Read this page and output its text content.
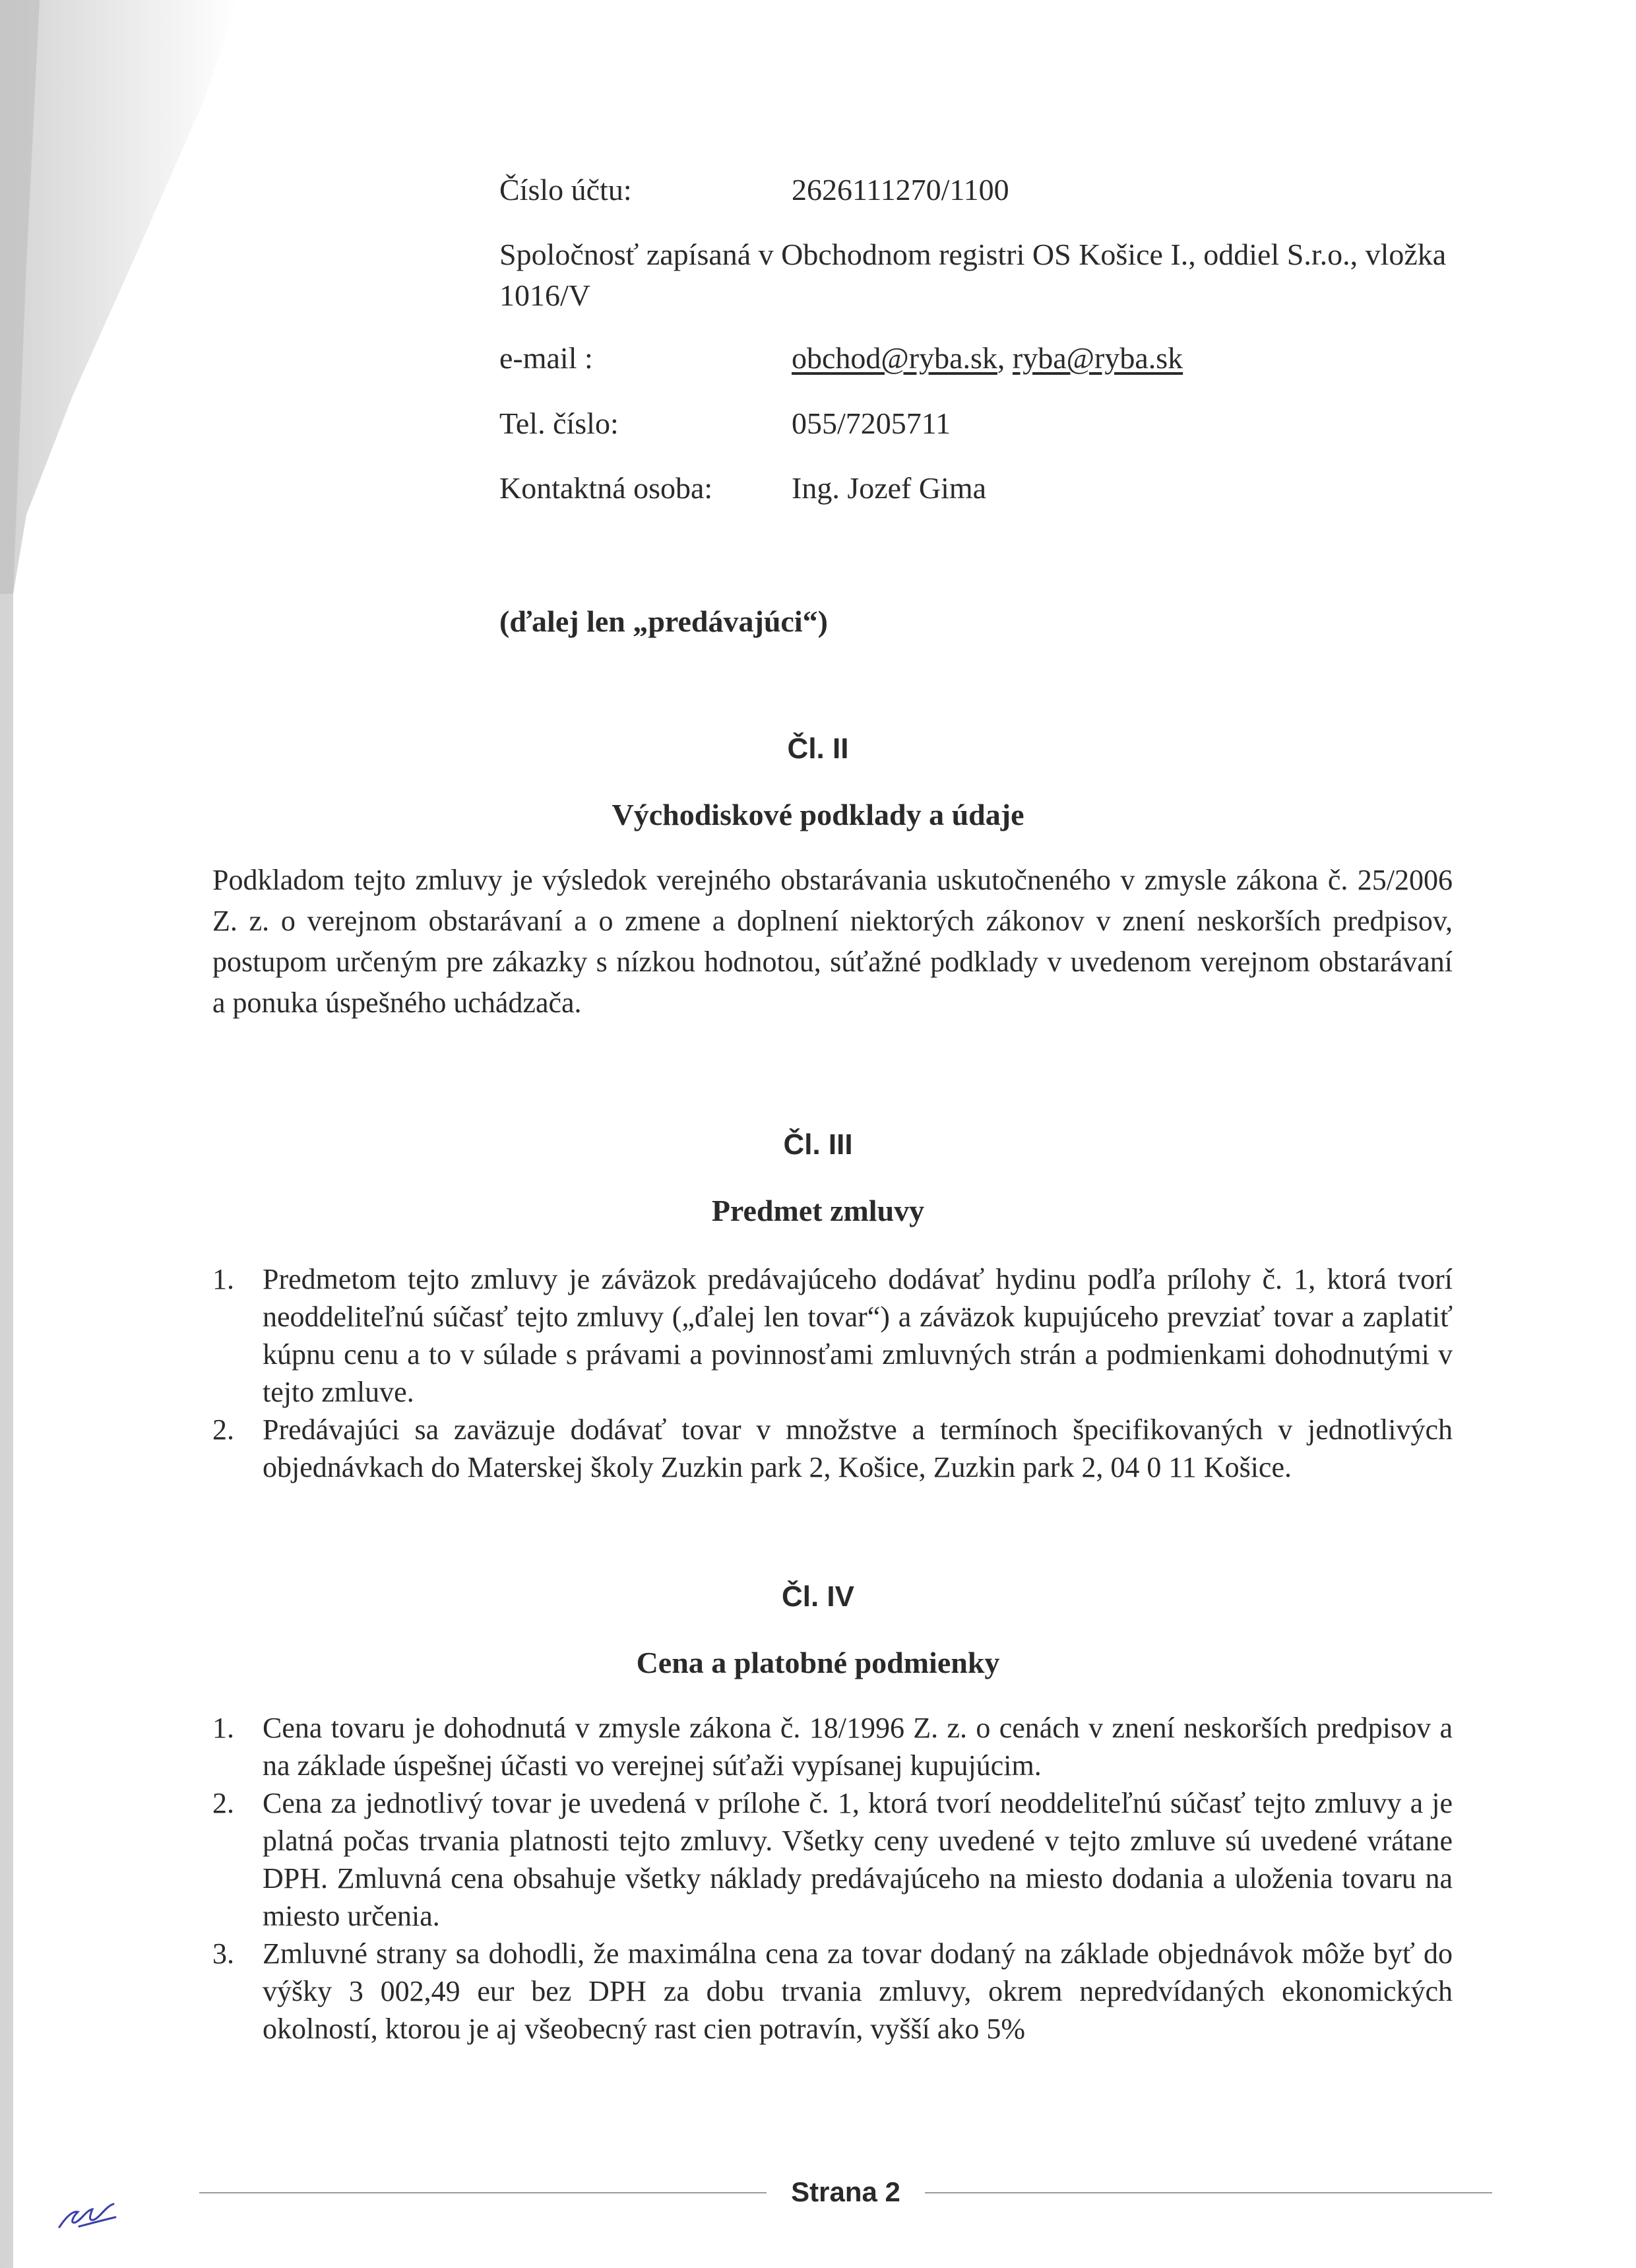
Číslo účtu:	2626111270/1100
Spoločnosť zapísaná v Obchodnom registri OS Košice I., oddiel S.r.o., vložka 1016/V
e-mail :	obchod@ryba.sk, ryba@ryba.sk
Tel. číslo:	055/7205711
Kontaktná osoba:	Ing. Jozef Gima
(ďalej len „predávajúci“)
Čl. II
Východiskové podklady a údaje
Podkladom tejto zmluvy je výsledok verejného obstarávania uskutočneného v zmysle zákona č. 25/2006 Z. z. o verejnom obstarávaní a o zmene a doplnení niektorých zákonov v znení neskorších predpisov, postupom určeným pre zákazky s nízkou hodnotou, súťažné podklady v uvedenom verejnom obstarávaní a ponuka úspešného uchádzača.
Čl. III
Predmet zmluvy
1. Predmetom tejto zmluvy je záväzok predávajúceho dodávať hydinu podľa prílohy č. 1, ktorá tvorí neoddeliteľnú súčasť tejto zmluvy („ďalej len tovar“) a záväzok kupujúceho prevziať tovar a zaplatiť kúpnu cenu a to v súlade s právami a povinnosťami zmluvných strán a podmienkami dohodnutými v tejto zmluve.
2. Predávajúci sa zaväzuje dodávať tovar v množstve a termínoch špecifikovaných v jednotlivých objednávkach do Materskej školy Zuzkin park 2, Košice, Zuzkin park 2, 04 0 11 Košice.
Čl. IV
Cena a platobné podmienky
1. Cena tovaru je dohodnutá v zmysle zákona č. 18/1996 Z. z. o cenách v znení neskorších predpisov a na základe úspešnej účasti vo verejnej súťaži vypísanej kupujúcim.
2. Cena za jednotlivý tovar je uvedená v prílohe č. 1, ktorá tvorí neoddeliteľnú súčasť tejto zmluvy a je platná počas trvania platnosti tejto zmluvy. Všetky ceny uvedené v tejto zmluve sú uvedené vrátane DPH. Zmluvná cena obsahuje všetky náklady predávajúceho na miesto dodania a uloženia tovaru na miesto určenia.
3. Zmluvné strany sa dohodli, že maximálna cena za tovar dodaný na základe objednávok môže byť do výšky 3 002,49 eur bez DPH za dobu trvania zmluvy, okrem nepredvídaných ekonomických okolností, ktorou je aj všeobecný rast cien potravín, vyšší ako 5%
Strana 2
